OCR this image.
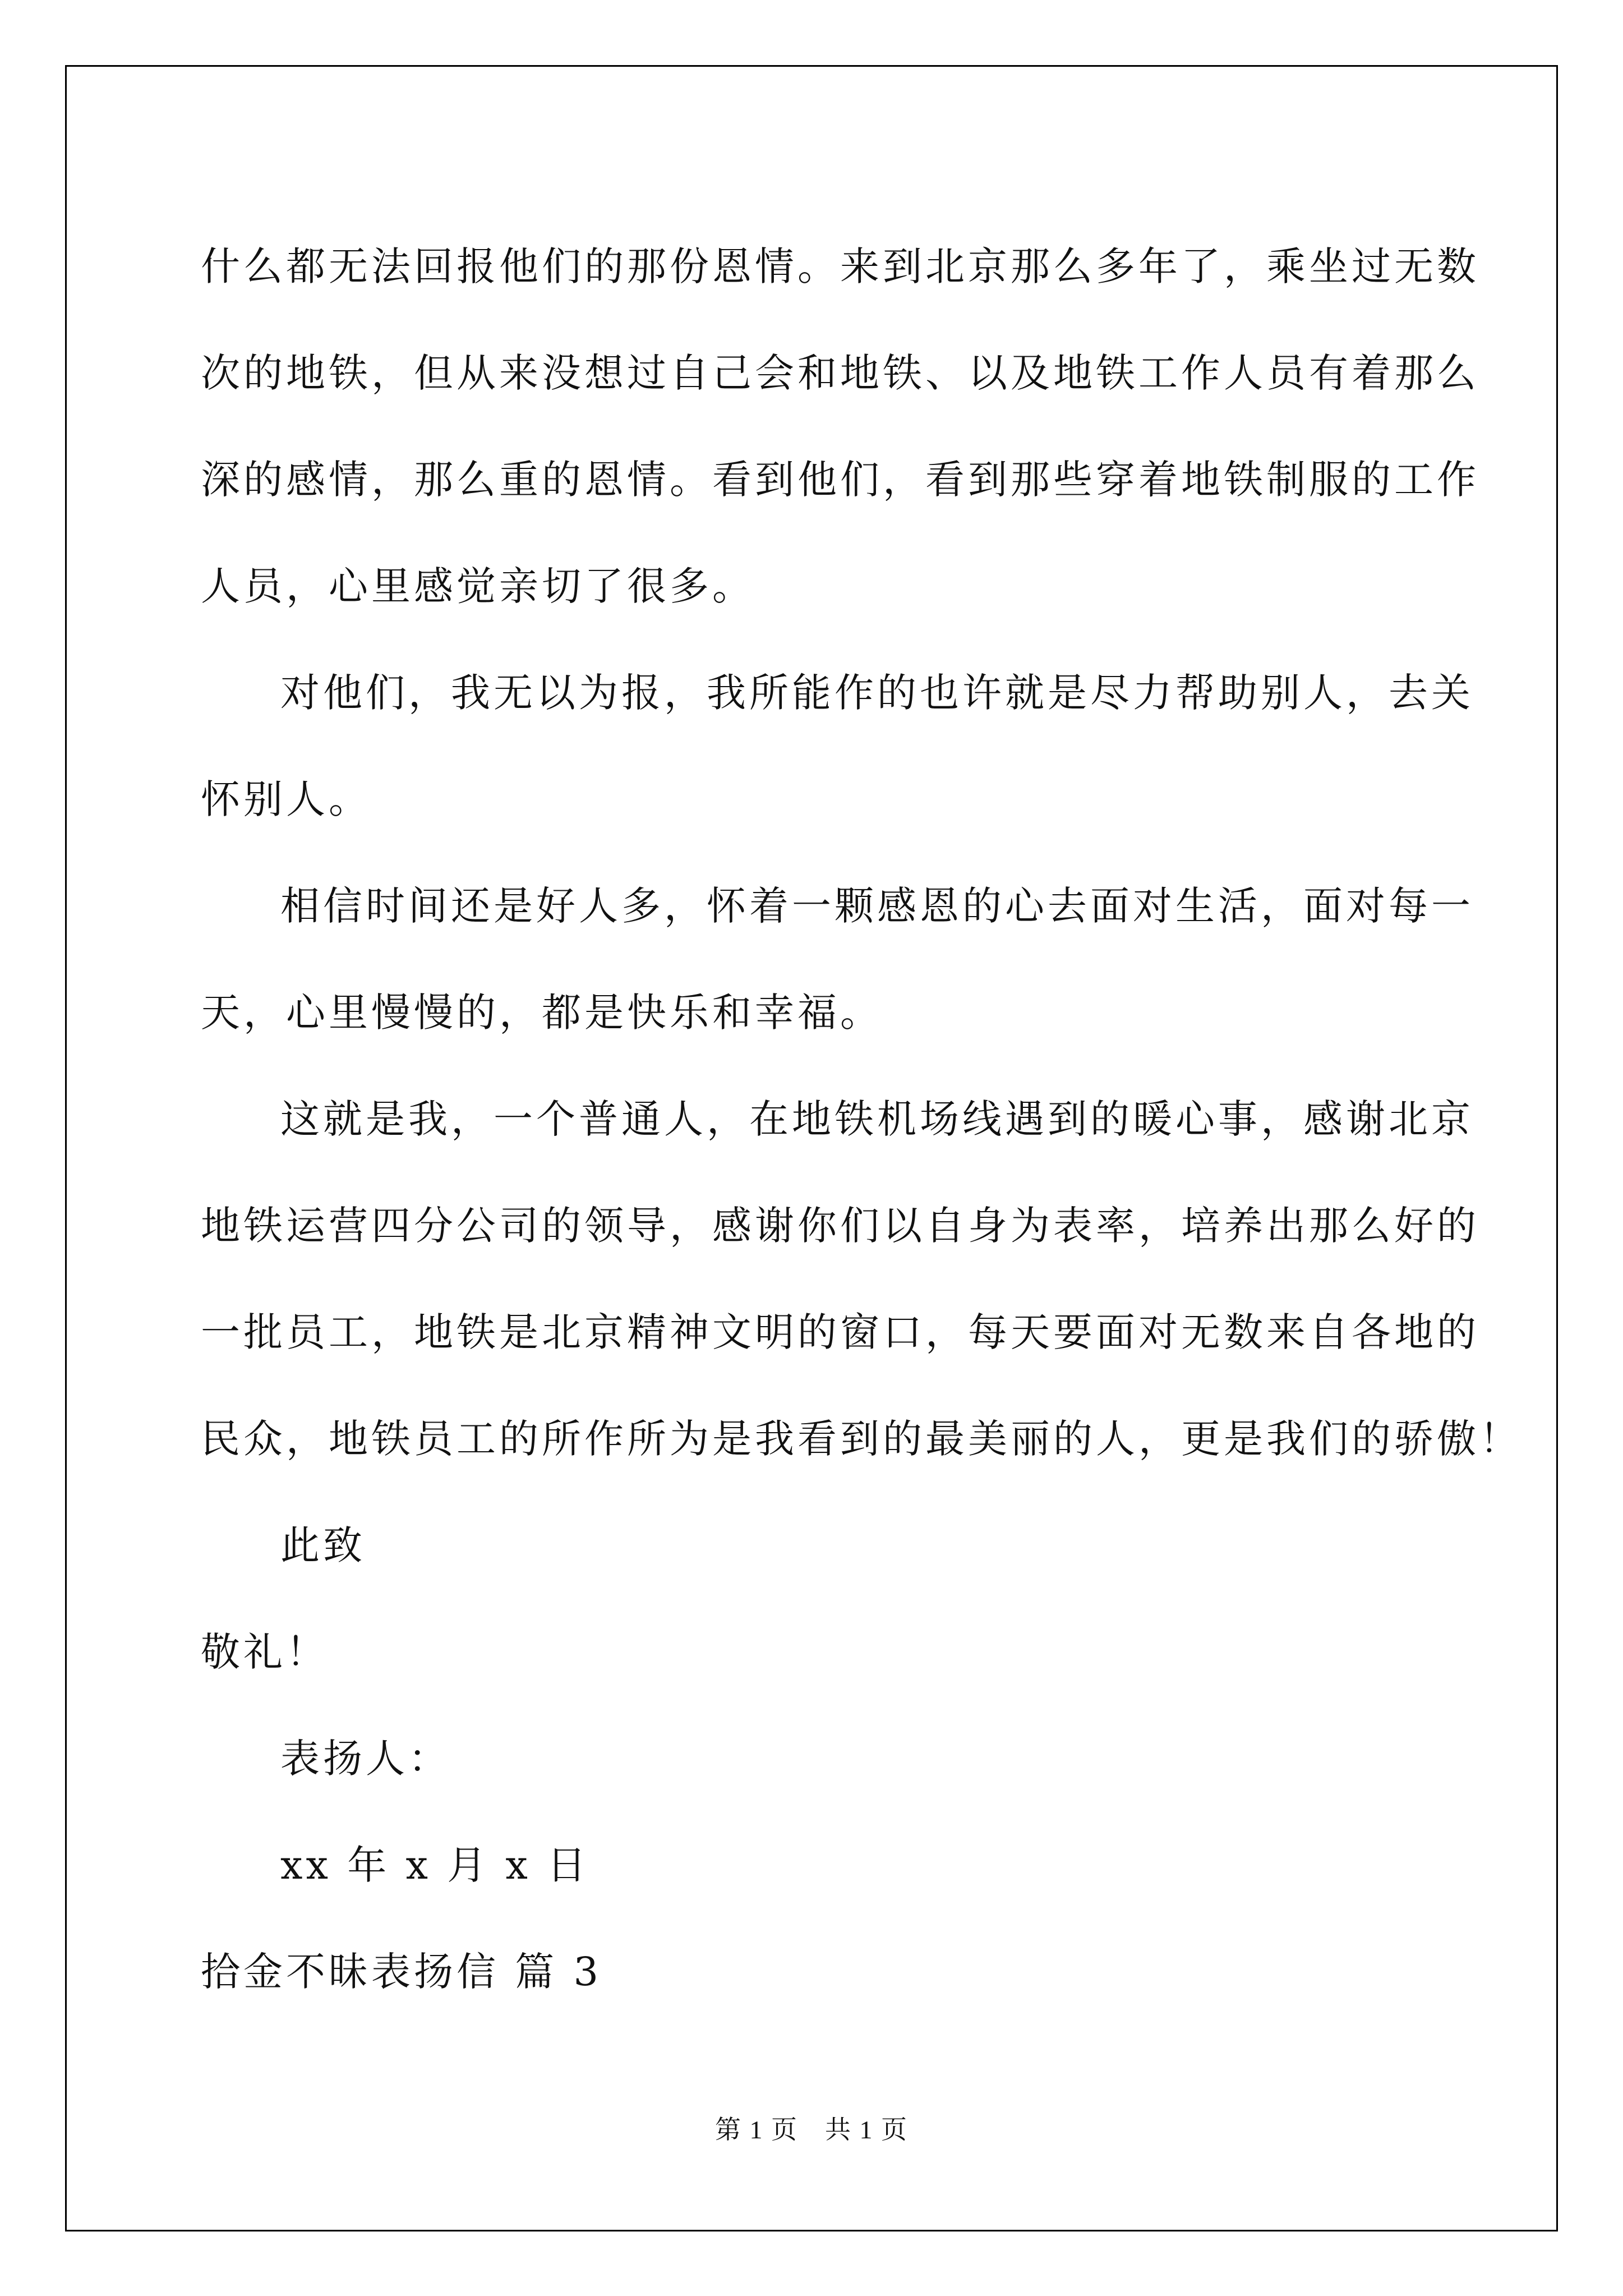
什么都无法回报他们的那份恩情。来到北京那么多年了，乘坐过无数
次的地铁，但从来没想过自己会和地铁、以及地铁工作人员有着那么
深的感情，那么重的恩情。看到他们，看到那些穿着地铁制服的工作
人员，心里感觉亲切了很多。
对他们，我无以为报，我所能作的也许就是尽力帮助别人，去关
怀别人。
相信时间还是好人多，怀着一颗感恩的心去面对生活，面对每一
天，心里慢慢的，都是快乐和幸福。
这就是我，一个普通人，在地铁机场线遇到的暖心事，感谢北京
地铁运营四分公司的领导，感谢你们以自身为表率，培养出那么好的
一批员工，地铁是北京精神文明的窗口，每天要面对无数来自各地的
民众，地铁员工的所作所为是我看到的最美丽的人，更是我们的骄傲！
此致
敬礼！
表扬人：
xx 年 x 月 x 日
拾金不昧表扬信 篇 3
第 1 页　共 1 页
